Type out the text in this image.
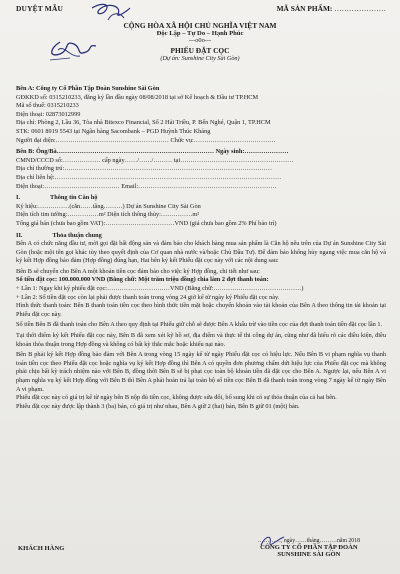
DUYỆT MẪU	MÃ SẢN PHẨM: …………………
CỘNG HÒA XÃ HỘI CHỦ NGHĨA VIỆT NAM
Độc Lập – Tự Do – Hạnh Phúc
---o0o---
PHIẾU ĐẶT CỌC
(Dự án: Sunshine City Sài Gòn)
Bên A: Công ty Cổ Phần Tập Đoàn Sunshine Sài Gòn
GĐKKD số: 0315210233, đăng ký lần đầu ngày 08/08/2018 tại sở Kế hoạch & Đầu tư TP.HCM
Mã số thuế: 0315210233
Điện thoại: 02873012999
Địa chỉ: Phòng 2, Lầu 36, Tòa nhà Bitexco Financial, Số 2 Hải Triều, P. Bến Nghé, Quận 1, TP.HCM
STK: 0601 8919 5543 tại Ngân hàng Sacombank – PGD Huỳnh Thúc Kháng
Người đại diện:……………………………………………… Chức vụ:…………………………………
Bên B: Ông/Bà………………………………………………………………… Ngày sinh:…………………
CMND/CCCD số:……………… cấp ngày……/……/……… tại………………………………………………
Địa chỉ thường trú:………………………………………………………………………………………
Địa chỉ liên hệ:………………………………………………………………………………………………
Điện thoại:……………………………… Email:…………………………………………………………
I.	Thông tin Căn hộ
Ký hiệu:……………(căn……tầng………) Dự án Sunshine City Sài Gòn
Diện tích tim tường:……………m² Diện tích thông thủy:……………m²
Tổng giá bán (chưa bao gồm VAT):……………………………VND (giá chưa bao gồm 2% Phí bảo trì)
II.	Thỏa thuận chung
Bên A có chức năng đầu tư, mời gọi đặt bất động sản và đảm bảo cho khách hàng mua sản phẩm là Căn hộ nêu trên của Dự án Sunshine City Sài Gòn (hoặc một tên gọi khác tùy theo quyết định của Cơ quan nhà nước và/hoặc Chủ Đầu Tư). Để đảm bảo khống hủy ngang việc mua căn hộ và ký kết Hợp đồng bảo đảm (Hợp đồng) đúng hạn, Hai bên ký kết Phiếu đặt cọc này với các nội dung sau:
Bên B sẽ chuyển cho Bên A một khoản tiền cọc đảm bảo cho việc ký Hợp đồng, chi tiết như sau:
Số tiền đặt cọc: 100.000.000 VND (Bằng chữ: Một trăm triệu đồng) chia làm 2 đợt thanh toán:
+ Lần 1: Ngay khi ký phiếu đặt cọc:…………………………VND (Bằng chữ:……………………………………)
+ Lần 2: Số tiền đặt cọc còn lại phải được thanh toán trong vòng 24 giờ kể từ ngày ký Phiếu đặt cọc này.
Hình thức thanh toán: Bên B thanh toán tiền cọc theo hình thức tiền mặt hoặc chuyển khoản vào tài khoản của Bên A theo thông tin tài khoản tại Phiếu đặt cọc này.
Số tiền Bên B đã thanh toán cho Bên A theo quy định tại Phiếu giữ chỗ sẽ được Bên A khấu trừ vào tiền cọc của đợt thanh toán tiền đặt cọc lần 1.
Tại thời điểm ký kết Phiếu đặt cọc này, Bên B đã xem xét kỹ hồ sơ, địa điểm và thực tế thi công dự án, cũng như đã hiểu rõ các điều kiện, điều khoản thỏa thuận trong Hợp đồng và không có bất kỳ thắc mắc hoặc khiếu nại nào.
Bên B phải ký kết Hợp đồng bảo đảm với Bên A trong vòng 15 ngày kể từ ngày Phiếu đặt cọc có hiệu lực. Nếu Bên B vi phạm nghĩa vụ thanh toán tiền cọc theo Phiếu đặt cọc hoặc nghĩa vụ ký kết Hợp đồng thì Bên A có quyền đơn phương chấm dứt hiệu lực của Phiếu đặt cọc mà không phải chịu bất kỳ trách nhiệm nào với Bên B, đồng thời Bên B sẽ bị phạt cọc toàn bộ khoản tiền đã đặt cọc cho Bên A. Ngược lại, nếu Bên A vi phạm nghĩa vụ ký kết Hợp đồng với Bên B thì Bên A phải hoàn trả lại toàn bộ số tiền cọc Bên B đã thanh toán trong vòng 7 ngày kể từ ngày Bên A vi phạm.
Phiếu đặt cọc này có giá trị kể từ ngày bên B nộp đủ tiền cọc, không được sửa đổi, bổ sung khi có sự thỏa thuận của cả hai bên.
Phiếu đặt cọc này được lập thành 3 (ba) bản, có giá trị như nhau, Bên A giữ 2 (hai) bản, Bên B giữ 01 (một) bản.
KHÁCH HÀNG
…………, ngày……tháng………năm 2018
CÔNG TY CỔ PHẦN TẬP ĐOÀN
SUNSHINE SÀI GÒN
